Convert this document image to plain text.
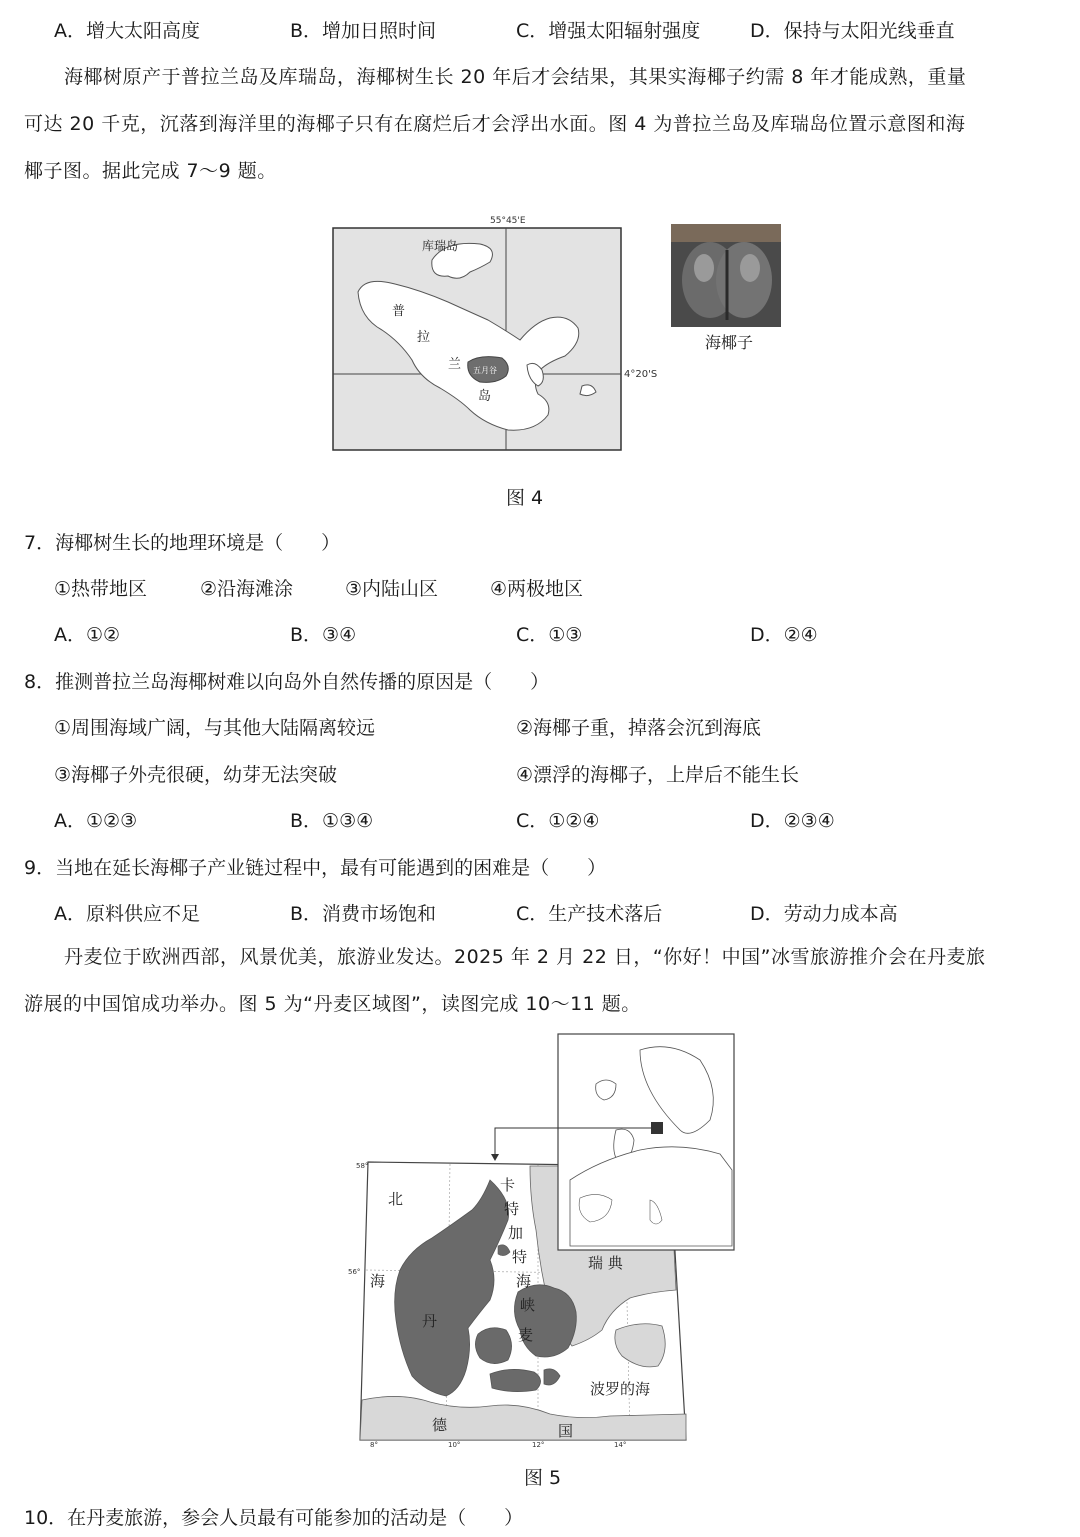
A．增大太阳高度	B．增加日照时间	C．增强太阳辐射强度	D．保持与太阳光线垂直
海椰树原产于普拉兰岛及库瑞岛，海椰树生长 20 年后才会结果，其果实海椰子约需 8 年才能成熟，重量
可达 20 千克，沉落到海洋里的海椰子只有在腐烂后才会浮出水面。图 4 为普拉兰岛及库瑞岛位置示意图和海
椰子图。据此完成 7～9 题。
55°45'E
4°20'S
库瑞岛
五月谷
普
拉
兰
岛
海椰子
图 4
7．海椰树生长的地理环境是（　　）
①热带地区	②沿海滩涂	③内陆山区	④两极地区
A．①②	B．③④	C．①③	D．②④
8．推测普拉兰岛海椰树难以向岛外自然传播的原因是（　　）
①周围海域广阔，与其他大陆隔离较远	②海椰子重，掉落会沉到海底
③海椰子外壳很硬，幼芽无法突破	④漂浮的海椰子，上岸后不能生长
A．①②③	B．①③④	C．①②④	D．②③④
9．当地在延长海椰子产业链过程中，最有可能遇到的困难是（　　）
A．原料供应不足	B．消费市场饱和	C．生产技术落后	D．劳动力成本高
丹麦位于欧洲西部，风景优美，旅游业发达。2025 年 2 月 22 日，“你好！中国”冰雪旅游推介会在丹麦旅
游展的中国馆成功举办。图 5 为“丹麦区域图”，读图完成 10～11 题。
北
海
卡
特
加
特
海
峡
瑞 典
丹
麦
波罗的海
德	国
58°
56°
8°	10°	12°	14°
图 5
10．在丹麦旅游，参会人员最有可能参加的活动是（　　）
